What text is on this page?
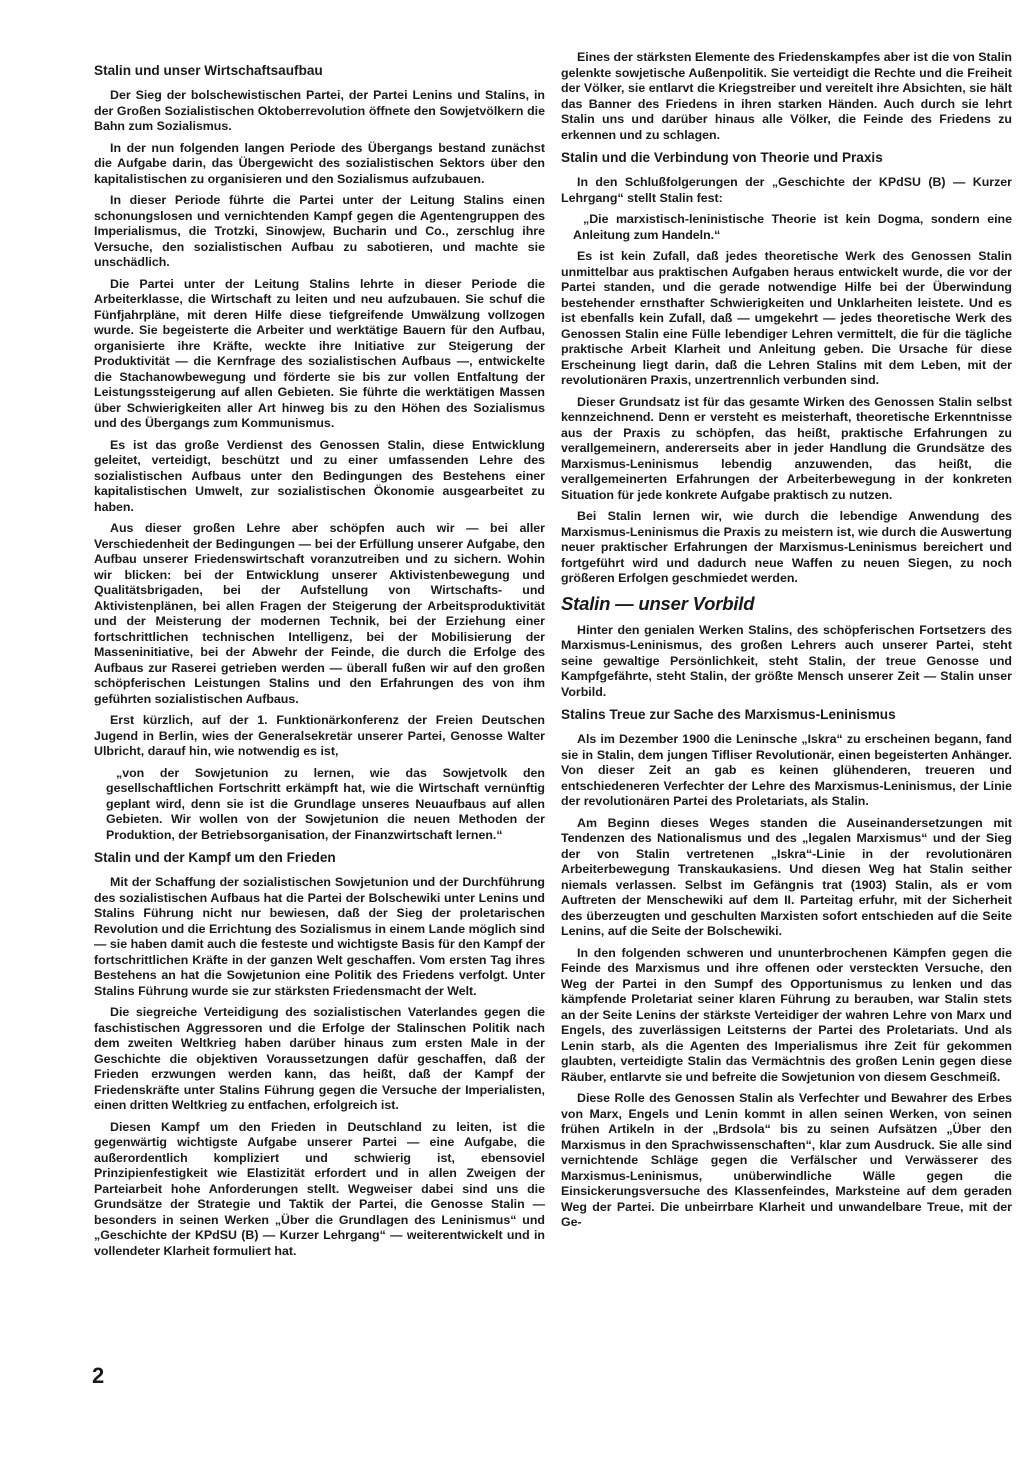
Stalin und unser Wirtschaftsaufbau

Der Sieg der bolschewistischen Partei, der Partei Lenins und Stalins, in der Großen Sozialistischen Oktoberrevolution öffnete den Sowjetvölkern die Bahn zum Sozialismus.

In der nun folgenden langen Periode des Übergangs bestand zunächst die Aufgabe darin, das Übergewicht des sozialistischen Sektors über den kapitalistischen zu organisieren und den Sozialismus aufzubauen.

In dieser Periode führte die Partei unter der Leitung Stalins einen schonungslosen und vernichtenden Kampf gegen die Agentengruppen des Imperialismus, die Trotzki, Sinowjew, Bucharin und Co., zerschlug ihre Versuche, den sozialistischen Aufbau zu sabotieren, und machte sie unschädlich.

Die Partei unter der Leitung Stalins lehrte in dieser Periode die Arbeiterklasse, die Wirtschaft zu leiten und neu aufzubauen. Sie schuf die Fünfjahrpläne, mit deren Hilfe diese tiefgreifende Umwälzung vollzogen wurde. Sie begeisterte die Arbeiter und werktätige Bauern für den Aufbau, organisierte ihre Kräfte, weckte ihre Initiative zur Steigerung der Produktivität — die Kernfrage des sozialistischen Aufbaus —, entwickelte die Stachanowbewegung und förderte sie bis zur vollen Entfaltung der Leistungssteigerung auf allen Gebieten. Sie führte die werktätigen Massen über Schwierigkeiten aller Art hinweg bis zu den Höhen des Sozialismus und des Übergangs zum Kommunismus.

Es ist das große Verdienst des Genossen Stalin, diese Entwicklung geleitet, verteidigt, beschützt und zu einer umfassenden Lehre des sozialistischen Aufbaus unter den Bedingungen des Bestehens einer kapitalistischen Umwelt, zur sozialistischen Ökonomie ausgearbeitet zu haben.

Aus dieser großen Lehre aber schöpfen auch wir — bei aller Verschiedenheit der Bedingungen — bei der Erfüllung unserer Aufgabe, den Aufbau unserer Friedenswirtschaft voranzutreiben und zu sichern. Wohin wir blicken: bei der Entwicklung unserer Aktivistenbewegung und Qualitätsbrigaden, bei der Aufstellung von Wirtschafts- und Aktivistenplänen, bei allen Fragen der Steigerung der Arbeitsproduktivität und der Meisterung der modernen Technik, bei der Erziehung einer fortschrittlichen technischen Intelligenz, bei der Mobilisierung der Masseninitiative, bei der Abwehr der Feinde, die durch die Erfolge des Aufbaus zur Raserei getrieben werden — überall fußen wir auf den großen schöpferischen Leistungen Stalins und den Erfahrungen des von ihm geführten sozialistischen Aufbaus.

Erst kürzlich, auf der 1. Funktionärkonferenz der Freien Deutschen Jugend in Berlin, wies der Generalsekretär unserer Partei, Genosse Walter Ulbricht, darauf hin, wie notwendig es ist,

„von der Sowjetunion zu lernen, wie das Sowjetvolk den gesellschaftlichen Fortschritt erkämpft hat, wie die Wirtschaft vernünftig geplant wird, denn sie ist die Grundlage unseres Neuaufbaus auf allen Gebieten. Wir wollen von der Sowjetunion die neuen Methoden der Produktion, der Betriebsorganisation, der Finanzwirtschaft lernen.“

Stalin und der Kampf um den Frieden

Mit der Schaffung der sozialistischen Sowjetunion und der Durchführung des sozialistischen Aufbaus hat die Partei der Bolschewiki unter Lenins und Stalins Führung nicht nur bewiesen, daß der Sieg der proletarischen Revolution und die Errichtung des Sozialismus in einem Lande möglich sind — sie haben damit auch die festeste und wichtigste Basis für den Kampf der fortschrittlichen Kräfte in der ganzen Welt geschaffen. Vom ersten Tag ihres Bestehens an hat die Sowjetunion eine Politik des Friedens verfolgt. Unter Stalins Führung wurde sie zur stärksten Friedensmacht der Welt.

Die siegreiche Verteidigung des sozialistischen Vaterlandes gegen die faschistischen Aggressoren und die Erfolge der Stalinschen Politik nach dem zweiten Weltkrieg haben darüber hinaus zum ersten Male in der Geschichte die objektiven Voraussetzungen dafür geschaffen, daß der Frieden erzwungen werden kann, das heißt, daß der Kampf der Friedenskräfte unter Stalins Führung gegen die Versuche der Imperialisten, einen dritten Weltkrieg zu entfachen, erfolgreich ist.

Diesen Kampf um den Frieden in Deutschland zu leiten, ist die gegenwärtig wichtigste Aufgabe unserer Partei — eine Aufgabe, die außerordentlich kompliziert und schwierig ist, ebensoviel Prinzipienfestigkeit wie Elastizität erfordert und in allen Zweigen der Parteiarbeit hohe Anforderungen stellt. Wegweiser dabei sind uns die Grundsätze der Strategie und Taktik der Partei, die Genosse Stalin — besonders in seinen Werken „Über die Grundlagen des Leninismus“ und „Geschichte der KPdSU (B) — Kurzer Lehrgang“ — weiterentwickelt und in vollendeter Klarheit formuliert hat.

Eines der stärksten Elemente des Friedenskampfes aber ist die von Stalin gelenkte sowjetische Außenpolitik. Sie verteidigt die Rechte und die Freiheit der Völker, sie entlarvt die Kriegstreiber und vereitelt ihre Absichten, sie hält das Banner des Friedens in ihren starken Händen. Auch durch sie lehrt Stalin uns und darüber hinaus alle Völker, die Feinde des Friedens zu erkennen und zu schlagen.

Stalin und die Verbindung von Theorie und Praxis

In den Schlußfolgerungen der „Geschichte der KPdSU (B) — Kurzer Lehrgang“ stellt Stalin fest:

„Die marxistisch-leninistische Theorie ist kein Dogma, sondern eine Anleitung zum Handeln.“

Es ist kein Zufall, daß jedes theoretische Werk des Genossen Stalin unmittelbar aus praktischen Aufgaben heraus entwickelt wurde, die vor der Partei standen, und die gerade notwendige Hilfe bei der Überwindung bestehender ernsthafter Schwierigkeiten und Unklarheiten leistete. Und es ist ebenfalls kein Zufall, daß — umgekehrt — jedes theoretische Werk des Genossen Stalin eine Fülle lebendiger Lehren vermittelt, die für die tägliche praktische Arbeit Klarheit und Anleitung geben. Die Ursache für diese Erscheinung liegt darin, daß die Lehren Stalins mit dem Leben, mit der revolutionären Praxis, unzertrennlich verbunden sind.

Dieser Grundsatz ist für das gesamte Wirken des Genossen Stalin selbst kennzeichnend. Denn er versteht es meisterhaft, theoretische Erkenntnisse aus der Praxis zu schöpfen, das heißt, praktische Erfahrungen zu verallgemeinern, andererseits aber in jeder Handlung die Grundsätze des Marxismus-Leninismus lebendig anzuwenden, das heißt, die verallgemeinerten Erfahrungen der Arbeiterbewegung in der konkreten Situation für jede konkrete Aufgabe praktisch zu nutzen.

Bei Stalin lernen wir, wie durch die lebendige Anwendung des Marxismus-Leninismus die Praxis zu meistern ist, wie durch die Auswertung neuer praktischer Erfahrungen der Marxismus-Leninismus bereichert und fortgeführt wird und dadurch neue Waffen zu neuen Siegen, zu noch größeren Erfolgen geschmiedet werden.

Stalin — unser Vorbild

Hinter den genialen Werken Stalins, des schöpferischen Fortsetzers des Marxismus-Leninismus, des großen Lehrers auch unserer Partei, steht seine gewaltige Persönlichkeit, steht Stalin, der treue Genosse und Kampfgefährte, steht Stalin, der größte Mensch unserer Zeit — Stalin unser Vorbild.

Stalins Treue zur Sache des Marxismus-Leninismus

Als im Dezember 1900 die Leninsche „Iskra“ zu erscheinen begann, fand sie in Stalin, dem jungen Tifliser Revolutionär, einen begeisterten Anhänger. Von dieser Zeit an gab es keinen glühenderen, treueren und entschiedeneren Verfechter der Lehre des Marxismus-Leninismus, der Linie der revolutionären Partei des Proletariats, als Stalin.

Am Beginn dieses Weges standen die Auseinandersetzungen mit Tendenzen des Nationalismus und des „legalen Marxismus“ und der Sieg der von Stalin vertretenen „Iskra“-Linie in der revolutionären Arbeiterbewegung Transkaukasiens. Und diesen Weg hat Stalin seither niemals verlassen. Selbst im Gefängnis trat (1903) Stalin, als er vom Auftreten der Menschewiki auf dem II. Parteitag erfuhr, mit der Sicherheit des überzeugten und geschulten Marxisten sofort entschieden auf die Seite Lenins, auf die Seite der Bolschewiki.

In den folgenden schweren und ununterbrochenen Kämpfen gegen die Feinde des Marxismus und ihre offenen oder versteckten Versuche, den Weg der Partei in den Sumpf des Opportunismus zu lenken und das kämpfende Proletariat seiner klaren Führung zu berauben, war Stalin stets an der Seite Lenins der stärkste Verteidiger der wahren Lehre von Marx und Engels, des zuverlässigen Leitsterns der Partei des Proletariats. Und als Lenin starb, als die Agenten des Imperialismus ihre Zeit für gekommen glaubten, verteidigte Stalin das Vermächtnis des großen Lenin gegen diese Räuber, entlarvte sie und befreite die Sowjetunion von diesem Geschmeiß.

Diese Rolle des Genossen Stalin als Verfechter und Bewahrer des Erbes von Marx, Engels und Lenin kommt in allen seinen Werken, von seinen frühen Artikeln in der „Brdsola“ bis zu seinen Aufsätzen „Über den Marxismus in den Sprachwissenschaften“, klar zum Ausdruck. Sie alle sind vernichtende Schläge gegen die Verfälscher und Verwässerer des Marxismus-Leninismus, unüberwindliche Wälle gegen die Einsickerungsversuche des Klassenfeindes, Marksteine auf dem geraden Weg der Partei. Die unbeirrbare Klarheit und unwandelbare Treue, mit der Ge-

2
